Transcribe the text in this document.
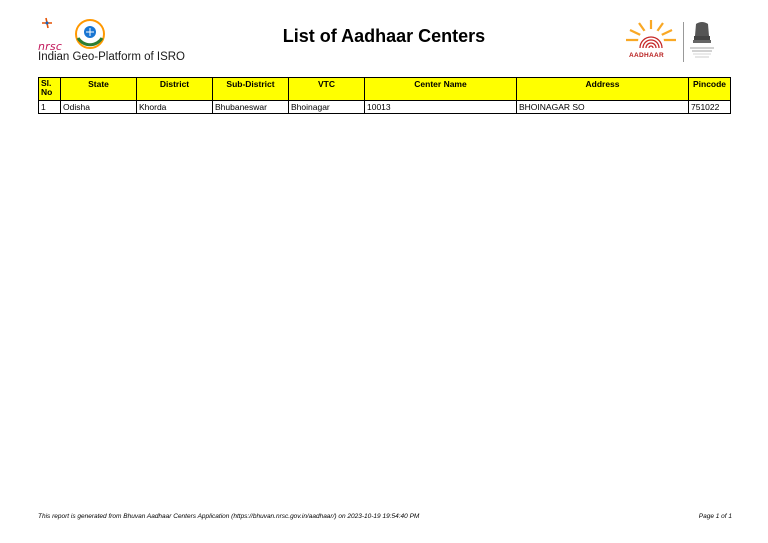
nrsc
Indian Geo-Platform of ISRO
List of Aadhaar Centers
AADHAAR
Sl. No	State	District	Sub-District	VTC	Center Name	Address	Pincode
1	Odisha	Khorda	Bhubaneswar	Bhoinagar	10013	BHOINAGAR SO	751022
This report is generated from Bhuvan Aadhaar Centers Application (https://bhuvan.nrsc.gov.in/aadhaar/) on 2023-10-19 19:54:40 PM	Page 1 of 1
